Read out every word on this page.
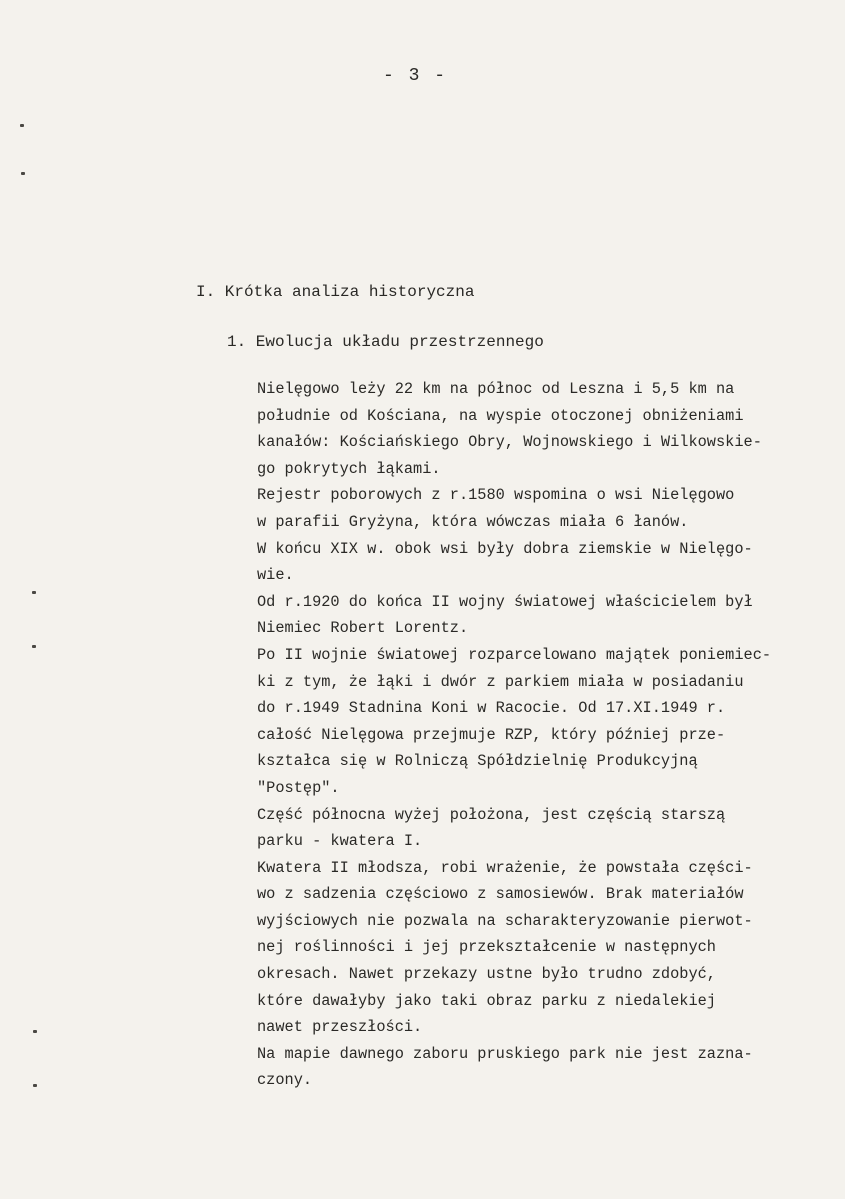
- 3 -
I. Krótka analiza historyczna
1. Ewolucja układu przestrzennego
Nielęgowo leży 22 km na północ od Leszna i 5,5 km na
południe od Kościana, na wyspie otoczonej obniżeniami
kanałów: Kościańskiego Obry, Wojnowskiego i Wilkowskie-
go pokrytych łąkami.
Rejestr poborowych z r.1580 wspomina o wsi Nielęgowo
w parafii Gryżyna, która wówczas miała 6 łanów.
W końcu XIX w. obok wsi były dobra ziemskie w Nielęgo-
wie.
Od r.1920 do końca II wojny światowej właścicielem był
Niemiec Robert Lorentz.
Po II wojnie światowej rozparcelowano majątek poniemiec-
ki z tym, że łąki i dwór z parkiem miała w posiadaniu
do r.1949 Stadnina Koni w Racocie. Od 17.XI.1949 r.
całość Nielęgowa przejmuje RZP, który później prze-
kształca się w Rolniczą Spółdzielnię Produkcyjną
"Postęp".
Część północna wyżej położona, jest częścią starszą
parku - kwatera I.
Kwatera II młodsza, robi wrażenie, że powstała części-
wo z sadzenia częściowo z samosiewów. Brak materiałów
wyjściowych nie pozwala na scharakteryzowanie pierwot-
nej roślinności i jej przekształcenie w następnych
okresach. Nawet przekazy ustne było trudno zdobyć,
które dawałyby jako taki obraz parku z niedalekiej
nawet przeszłości.
Na mapie dawnego zaboru pruskiego park nie jest zazna-
czony.
